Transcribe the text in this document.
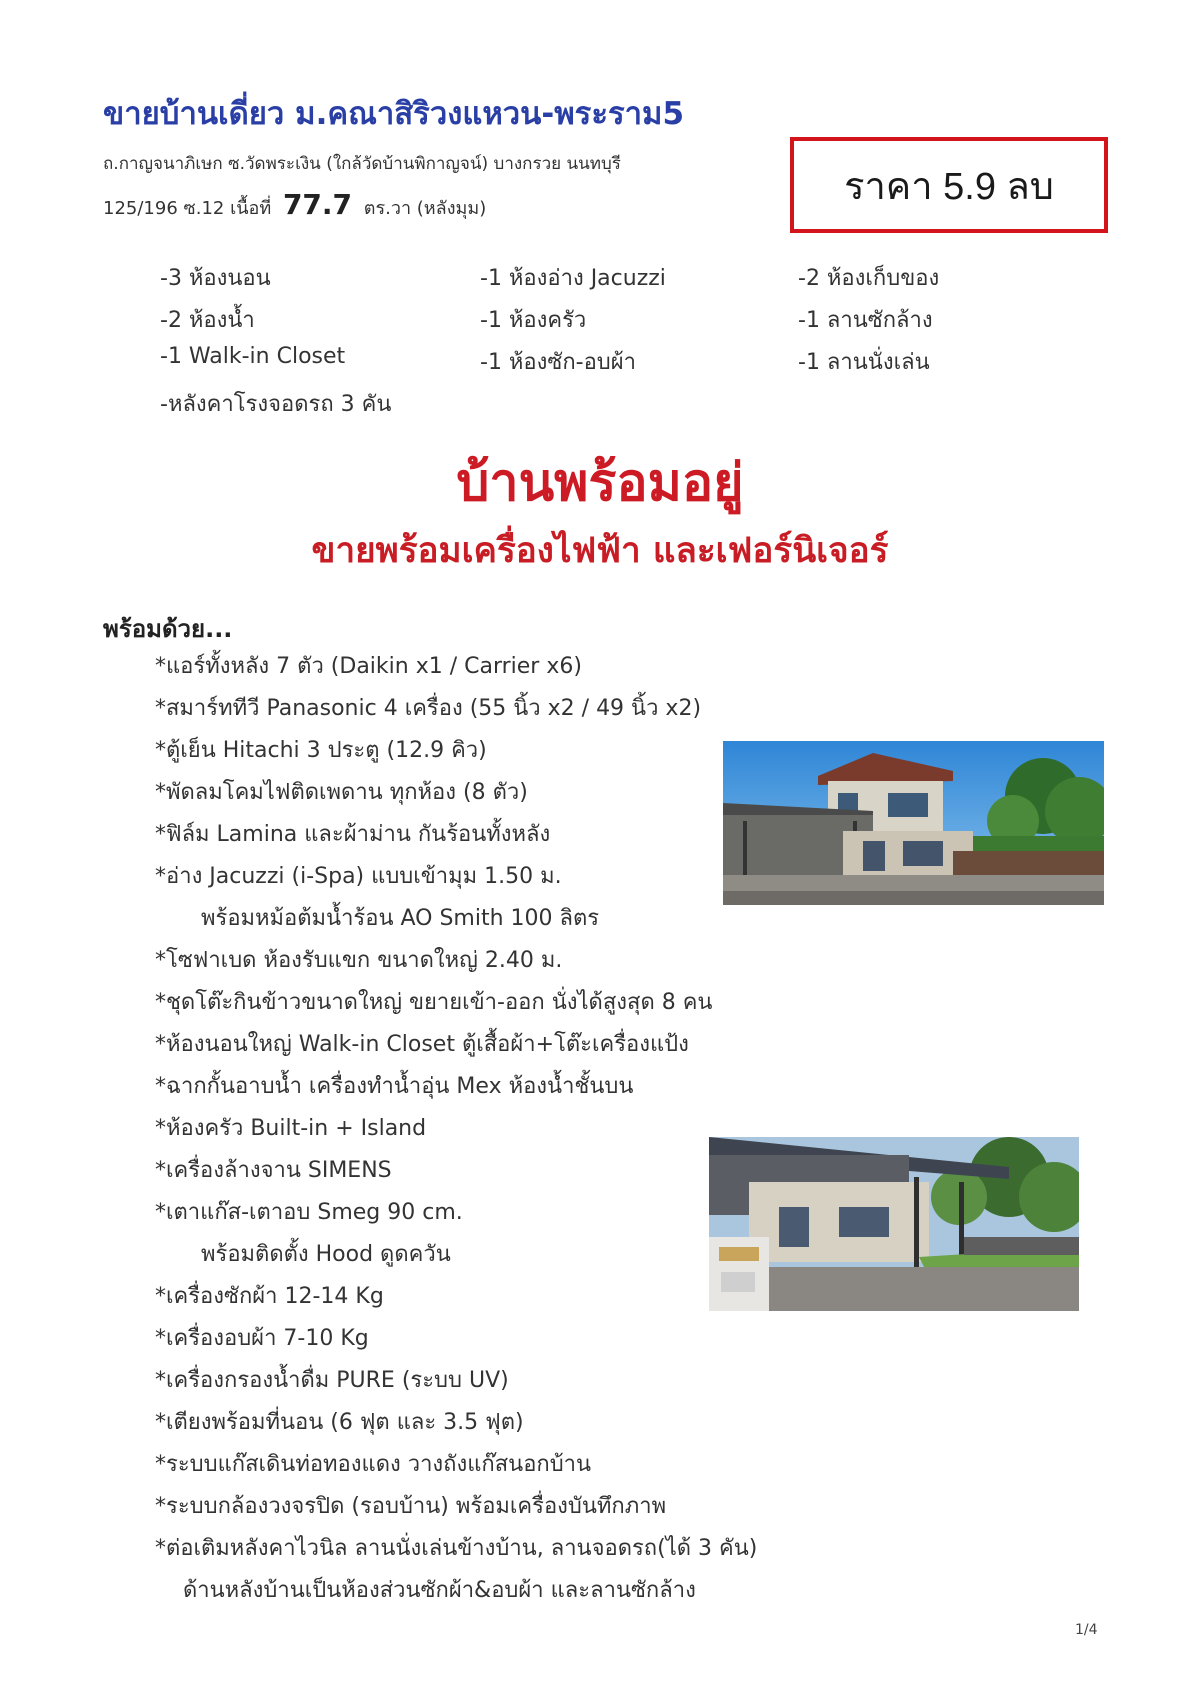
ขายบ้านเดี่ยว ม.คณาสิริวงแหวน-พระราม5
ถ.กาญจนาภิเษก ซ.วัดพระเงิน (ใกล้วัดบ้านพิกาญจน์) บางกรวย นนทบุรี
125/196 ซ.12 เนื้อที่ 77.7 ตร.วา (หลังมุม)
ราคา 5.9 ลบ
-3 ห้องนอน	-1 ห้องอ่าง Jacuzzi	-2 ห้องเก็บของ
-2 ห้องน้ำ	-1 ห้องครัว	-1 ลานซักล้าง
-1 Walk-in Closet	-1 ห้องซัก-อบผ้า	-1 ลานนั่งเล่น
-หลังคาโรงจอดรถ 3 คัน
บ้านพร้อมอยู่
ขายพร้อมเครื่องไฟฟ้า และเฟอร์นิเจอร์
พร้อมด้วย...
*แอร์ทั้งหลัง 7 ตัว (Daikin x1 / Carrier x6)
*สมาร์ททีวี Panasonic 4 เครื่อง (55 นิ้ว x2 / 49 นิ้ว x2)
*ตู้เย็น Hitachi 3 ประตู (12.9 คิว)
*พัดลมโคมไฟติดเพดาน ทุกห้อง (8 ตัว)
*ฟิล์ม Lamina และผ้าม่าน กันร้อนทั้งหลัง
*อ่าง Jacuzzi (i-Spa) แบบเข้ามุม 1.50 ม.
พร้อมหม้อต้มน้ำร้อน AO Smith 100 ลิตร
*โซฟาเบด ห้องรับแขก ขนาดใหญ่ 2.40 ม.
*ชุดโต๊ะกินข้าวขนาดใหญ่ ขยายเข้า-ออก นั่งได้สูงสุด 8 คน
*ห้องนอนใหญ่ Walk-in Closet ตู้เสื้อผ้า+โต๊ะเครื่องแป้ง
*ฉากกั้นอาบน้ำ เครื่องทำน้ำอุ่น Mex ห้องน้ำชั้นบน
*ห้องครัว Built-in + Island
*เครื่องล้างจาน SIMENS
*เตาแก๊ส-เตาอบ Smeg 90 cm.
พร้อมติดตั้ง Hood ดูดควัน
*เครื่องซักผ้า 12-14 Kg
*เครื่องอบผ้า 7-10 Kg
*เครื่องกรองน้ำดื่ม PURE (ระบบ UV)
*เตียงพร้อมที่นอน (6 ฟุต และ 3.5 ฟุต)
*ระบบแก๊สเดินท่อทองแดง วางถังแก๊สนอกบ้าน
*ระบบกล้องวงจรปิด (รอบบ้าน) พร้อมเครื่องบันทึกภาพ
*ต่อเติมหลังคาไวนิล ลานนั่งเล่นข้างบ้าน, ลานจอดรถ(ได้ 3 คัน)
ด้านหลังบ้านเป็นห้องส่วนซักผ้า&อบผ้า และลานซักล้าง
1/4
